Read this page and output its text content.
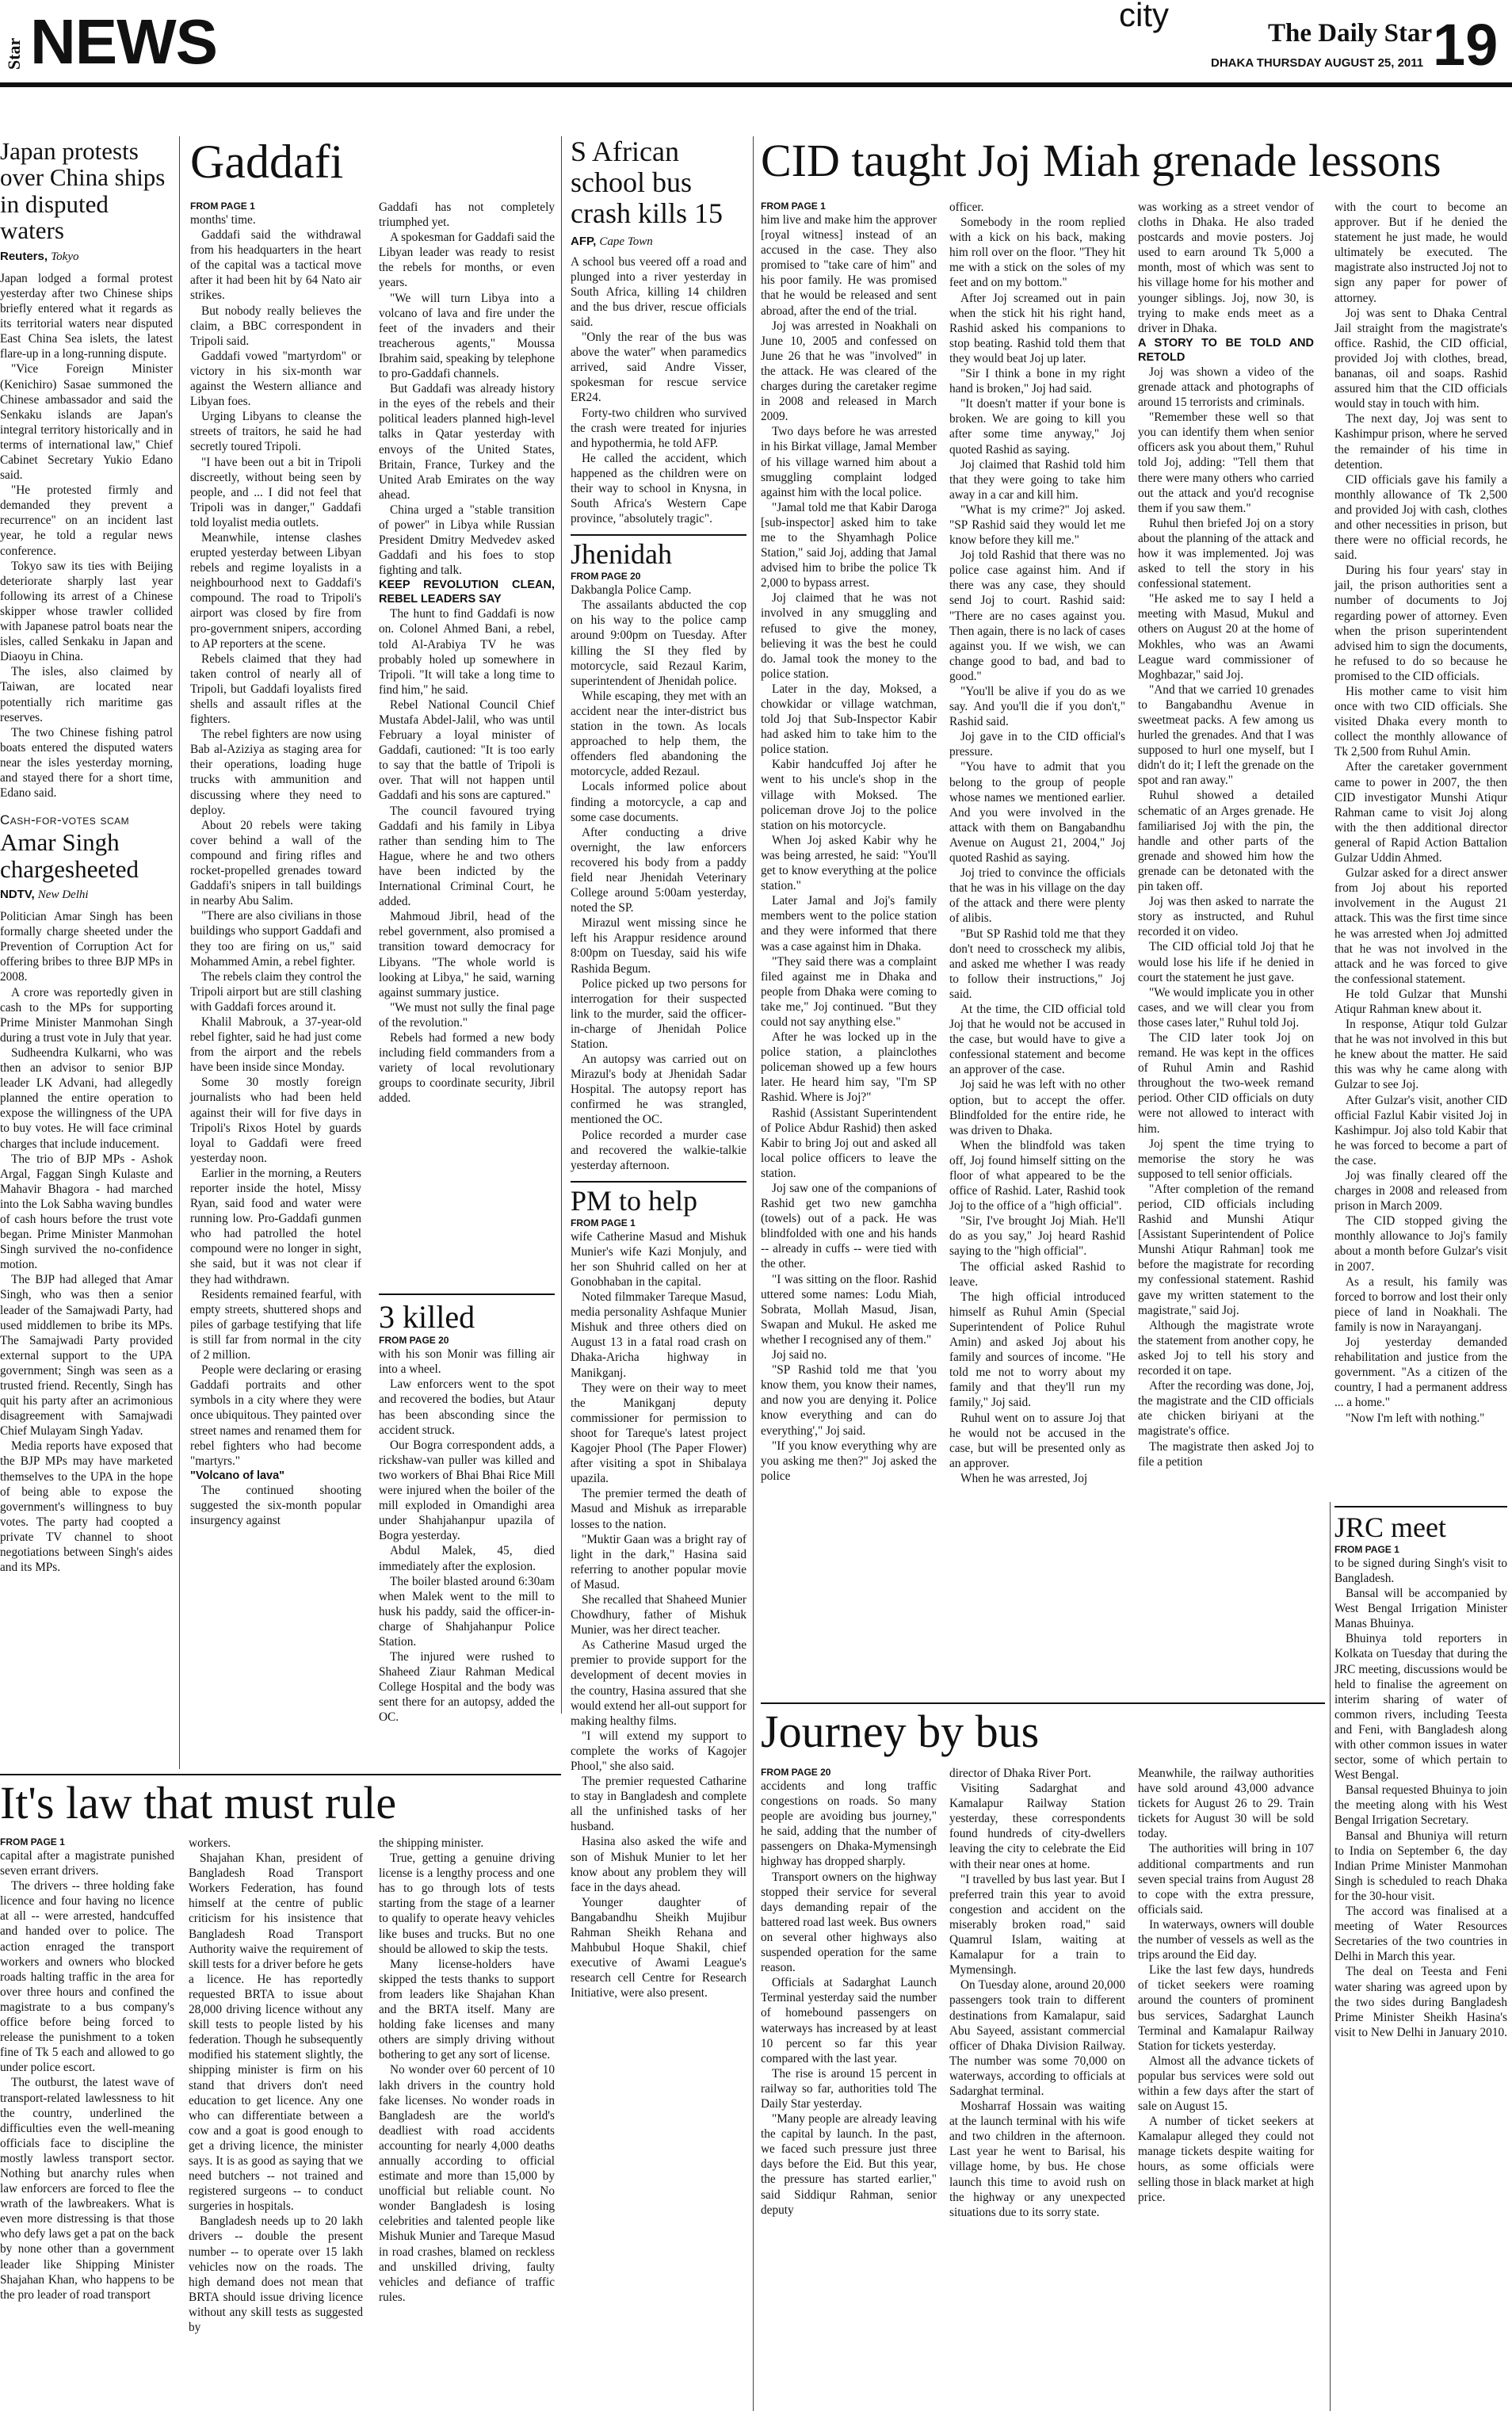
Star NEWS	city	The Daily Star
DHAKA THURSDAY AUGUST 25, 2011 19
Japan protests over China ships in disputed waters
Reuters, Tokyo

Japan lodged a formal protest yesterday after two Chinese ships briefly entered what it regards as its territorial waters near disputed East China Sea islets, the latest flare-up in a long-running dispute.

"Vice Foreign Minister (Kenichiro) Sasae summoned the Chinese ambassador and said the Senkaku islands are Japan's integral territory historically and in terms of international law," Chief Cabinet Secretary Yukio Edano said.

"He protested firmly and demanded they prevent a recurrence" on an incident last year, he told a regular news conference.

Tokyo saw its ties with Beijing deteriorate sharply last year following its arrest of a Chinese skipper whose trawler collided with Japanese patrol boats near the isles, called Senkaku in Japan and Diaoyu in China.

The isles, also claimed by Taiwan, are located near potentially rich maritime gas reserves.

The two Chinese fishing patrol boats entered the disputed waters near the isles yesterday morning, and stayed there for a short time, Edano said.

Cash-for-votes scam
Amar Singh chargesheeted
NDTV, New Delhi

Politician Amar Singh has been formally charge sheeted under the Prevention of Corruption Act for offering bribes to three BJP MPs in 2008.

A crore was reportedly given in cash to the MPs for supporting Prime Minister Manmohan Singh during a trust vote in July that year.

Sudheendra Kulkarni, who was then an advisor to senior BJP leader LK Advani, had allegedly planned the entire operation to expose the willingness of the UPA to buy votes. He will face criminal charges that include inducement.

The trio of BJP MPs - Ashok Argal, Faggan Singh Kulaste and Mahavir Bhagora - had marched into the Lok Sabha waving bundles of cash hours before the trust vote began. Prime Minister Manmohan Singh survived the no-confidence motion.

The BJP had alleged that Amar Singh, who was then a senior leader of the Samajwadi Party, had used middlemen to bribe its MPs. The Samajwadi Party provided external support to the UPA government; Singh was seen as a trusted friend. Recently, Singh has quit his party after an acrimonious disagreement with Samajwadi Chief Mulayam Singh Yadav.

Media reports have exposed that the BJP MPs may have marketed themselves to the UPA in the hope of being able to expose the government's willingness to buy votes. The party had coopted a private TV channel to shoot negotiations between Singh's aides and its MPs.

Gaddafi
FROM PAGE 1

months' time.

Gaddafi said the withdrawal from his headquarters in the heart of the capital was a tactical move after it had been hit by 64 Nato air strikes.

But nobody really believes the claim, a BBC correspondent in Tripoli said.

Gaddafi vowed "martyrdom" or victory in his six-month war against the Western alliance and Libyan foes.

Urging Libyans to cleanse the streets of traitors, he said he had secretly toured Tripoli.

"I have been out a bit in Tripoli discreetly, without being seen by people, and ... I did not feel that Tripoli was in danger," Gaddafi told loyalist media outlets.

Meanwhile, intense clashes erupted yesterday between Libyan rebels and regime loyalists in a neighbourhood next to Gaddafi's compound. The road to Tripoli's airport was closed by fire from pro-government snipers, according to AP reporters at the scene.

Rebels claimed that they had taken control of nearly all of Tripoli, but Gaddafi loyalists fired shells and assault rifles at the fighters.

The rebel fighters are now using Bab al-Aziziya as staging area for their operations, loading huge trucks with ammunition and discussing where they need to deploy.

About 20 rebels were taking cover behind a wall of the compound and firing rifles and rocket-propelled grenades toward Gaddafi's snipers in tall buildings in nearby Abu Salim.

"There are also civilians in those buildings who support Gaddafi and they too are firing on us," said Mohammed Amin, a rebel fighter.

The rebels claim they control the Tripoli airport but are still clashing with Gaddafi forces around it.

Khalil Mabrouk, a 37-year-old rebel fighter, said he had just come from the airport and the rebels have been inside since Monday.

Some 30 mostly foreign journalists who had been held against their will for five days in Tripoli's Rixos Hotel by guards loyal to Gaddafi were freed yesterday noon.

Earlier in the morning, a Reuters reporter inside the hotel, Missy Ryan, said food and water were running low. Pro-Gaddafi gunmen who had patrolled the hotel compound were no longer in sight, she said, but it was not clear if they had withdrawn.

Residents remained fearful, with empty streets, shuttered shops and piles of garbage testifying that life is still far from normal in the city of 2 million.

People were declaring or erasing Gaddafi portraits and other symbols in a city where they were once ubiquitous. They painted over street names and renamed them for rebel fighters who had become "martyrs."

"Volcano of lava"

The continued shooting suggested the six-month popular insurgency against

Gaddafi has not completely triumphed yet.

A spokesman for Gaddafi said the Libyan leader was ready to resist the rebels for months, or even years.

"We will turn Libya into a volcano of lava and fire under the feet of the invaders and their treacherous agents," Moussa Ibrahim said, speaking by telephone to pro-Gaddafi channels.

But Gaddafi was already history in the eyes of the rebels and their political leaders planned high-level talks in Qatar yesterday with envoys of the United States, Britain, France, Turkey and the United Arab Emirates on the way ahead.

China urged a "stable transition of power" in Libya while Russian President Dmitry Medvedev asked Gaddafi and his foes to stop fighting and talk.

KEEP REVOLUTION CLEAN, REBEL LEADERS SAY

The hunt to find Gaddafi is now on. Colonel Ahmed Bani, a rebel, told Al-Arabiya TV he was probably holed up somewhere in Tripoli. "It will take a long time to find him," he said.

Rebel National Council Chief Mustafa Abdel-Jalil, who was until February a loyal minister of Gaddafi, cautioned: "It is too early to say that the battle of Tripoli is over. That will not happen until Gaddafi and his sons are captured."

The council favoured trying Gaddafi and his family in Libya rather than sending him to The Hague, where he and two others have been indicted by the International Criminal Court, he added.

Mahmoud Jibril, head of the rebel government, also promised a transition toward democracy for Libyans. "The whole world is looking at Libya," he said, warning against summary justice.

"We must not sully the final page of the revolution."

Rebels had formed a new body including field commanders from a variety of local revolutionary groups to coordinate security, Jibril added.

3 killed
FROM PAGE 20

with his son Monir was filling air into a wheel.

Law enforcers went to the spot and recovered the bodies, but Ataur has been absconding since the accident struck.

Our Bogra correspondent adds, a rickshaw-van puller was killed and two workers of Bhai Bhai Rice Mill were injured when the boiler of the mill exploded in Omandighi area under Shahjahanpur upazila of Bogra yesterday.

Abdul Malek, 45, died immediately after the explosion.

The boiler blasted around 6:30am when Malek went to the mill to husk his paddy, said the officer-in-charge of Shahjahanpur Police Station.

The injured were rushed to Shaheed Ziaur Rahman Medical College Hospital and the body was sent there for an autopsy, added the OC.

S African school bus crash kills 15
AFP, Cape Town

A school bus veered off a road and plunged into a river yesterday in South Africa, killing 14 children and the bus driver, rescue officials said.

"Only the rear of the bus was above the water" when paramedics arrived, said Andre Visser, spokesman for rescue service ER24.

Forty-two children who survived the crash were treated for injuries and hypothermia, he told AFP.

He called the accident, which happened as the children were on their way to school in Knysna, in South Africa's Western Cape province, "absolutely tragic".

Jhenidah
FROM PAGE 20

Dakbangla Police Camp.

The assailants abducted the cop on his way to the police camp around 9:00pm on Tuesday. After killing the SI they fled by motorcycle, said Rezaul Karim, superintendent of Jhenidah police.

While escaping, they met with an accident near the inter-district bus station in the town. As locals approached to help them, the offenders fled abandoning the motorcycle, added Rezaul.

Locals informed police about finding a motorcycle, a cap and some case documents.

After conducting a drive overnight, the law enforcers recovered his body from a paddy field near Jhenidah Veterinary College around 5:00am yesterday, noted the SP.

Mirazul went missing since he left his Arappur residence around 8:00pm on Tuesday, said his wife Rashida Begum.

Police picked up two persons for interrogation for their suspected link to the murder, said the officer-in-charge of Jhenidah Police Station.

An autopsy was carried out on Mirazul's body at Jhenidah Sadar Hospital. The autopsy report has confirmed he was strangled, mentioned the OC.

Police recorded a murder case and recovered the walkie-talkie yesterday afternoon.

PM to help
FROM PAGE 1

wife Catherine Masud and Mishuk Munier's wife Kazi Monjuly, and her son Shuhrid called on her at Gonobhaban in the capital.

Noted filmmaker Tareque Masud, media personality Ashfaque Munier Mishuk and three others died on August 13 in a fatal road crash on Dhaka-Aricha highway in Manikganj.

They were on their way to meet the Manikganj deputy commissioner for permission to shoot for Tareque's latest project Kagojer Phool (The Paper Flower) after visiting a spot in Shibalaya upazila.

The premier termed the death of Masud and Mishuk as irreparable losses to the nation.

"Muktir Gaan was a bright ray of light in the dark," Hasina said referring to another popular movie of Masud.

She recalled that Shaheed Munier Chowdhury, father of Mishuk Munier, was her direct teacher.

As Catherine Masud urged the premier to provide support for the development of decent movies in the country, Hasina assured that she would extend her all-out support for making healthy films.

"I will extend my support to complete the works of Kagojer Phool," she also said.

The premier requested Catharine to stay in Bangladesh and complete all the unfinished tasks of her husband.

Hasina also asked the wife and son of Mishuk Munier to let her know about any problem they will face in the days ahead.

Younger daughter of Bangabandhu Sheikh Mujibur Rahman Sheikh Rehana and Mahbubul Hoque Shakil, chief executive of Awami League's research cell Centre for Research Initiative, were also present.

CID taught Joj Miah grenade lessons
FROM PAGE 1

him live and make him the approver [royal witness] instead of an accused in the case. They also promised to "take care of him" and his poor family. He was promised that he would be released and sent abroad, after the end of the trial.

Joj was arrested in Noakhali on June 10, 2005 and confessed on June 26 that he was "involved" in the attack. He was cleared of the charges during the caretaker regime in 2008 and released in March 2009.

Two days before he was arrested in his Birkat village, Jamal Member of his village warned him about a smuggling complaint lodged against him with the local police.

"Jamal told me that Kabir Daroga [sub-inspector] asked him to take me to the Shyamhagh Police Station," said Joj, adding that Jamal advised him to bribe the police Tk 2,000 to bypass arrest.

Joj claimed that he was not involved in any smuggling and refused to give the money, believing it was the best he could do. Jamal took the money to the police station.

Later in the day, Moksed, a chowkidar or village watchman, told Joj that Sub-Inspector Kabir had asked him to take him to the police station.

Kabir handcuffed Joj after he went to his uncle's shop in the village with Moksed. The policeman drove Joj to the police station on his motorcycle.

When Joj asked Kabir why he was being arrested, he said: "You'll get to know everything at the police station."

Later Jamal and Joj's family members went to the police station and they were informed that there was a case against him in Dhaka.

"They said there was a complaint filed against me in Dhaka and people from Dhaka were coming to take me," Joj continued. "But they could not say anything else."

After he was locked up in the police station, a plainclothes policeman showed up a few hours later. He heard him say, "I'm SP Rashid. Where is Joj?"

Rashid (Assistant Superintendent of Police Abdur Rashid) then asked Kabir to bring Joj out and asked all local police officers to leave the station.

Joj saw one of the companions of Rashid get two new gamchha (towels) out of a pack. He was blindfolded with one and his hands -- already in cuffs -- were tied with the other.

"I was sitting on the floor. Rashid uttered some names: Lodu Miah, Sobrata, Mollah Masud, Jisan, Swapan and Mukul. He asked me whether I recognised any of them."

Joj said no.

"SP Rashid told me that 'you know them, you know their names, and now you are denying it. Police know everything and can do everything'," Joj said.

"If you know everything why are you asking me then?" Joj asked the police

officer.

Somebody in the room replied with a kick on his back, making him roll over on the floor. "They hit me with a stick on the soles of my feet and on my bottom."

After Joj screamed out in pain when the stick hit his right hand, Rashid asked his companions to stop beating. Rashid told them that they would beat Joj up later.

"Sir I think a bone in my right hand is broken," Joj had said.

"It doesn't matter if your bone is broken. We are going to kill you after some time anyway," Joj quoted Rashid as saying.

Joj claimed that Rashid told him that they were going to take him away in a car and kill him.

"What is my crime?" Joj asked. "SP Rashid said they would let me know before they kill me."

Joj told Rashid that there was no police case against him. And if there was any case, they should send Joj to court. Rashid said: "There are no cases against you. Then again, there is no lack of cases against you. If we wish, we can change good to bad, and bad to good."

"You'll be alive if you do as we say. And you'll die if you don't," Rashid said.

Joj gave in to the CID official's pressure.

"You have to admit that you belong to the group of people whose names we mentioned earlier. And you were involved in the attack with them on Bangabandhu Avenue on August 21, 2004," Joj quoted Rashid as saying.

Joj tried to convince the officials that he was in his village on the day of the attack and there were plenty of alibis.

"But SP Rashid told me that they don't need to crosscheck my alibis, and asked me whether I was ready to follow their instructions," Joj said.

At the time, the CID official told Joj that he would not be accused in the case, but would have to give a confessional statement and become an approver of the case.

Joj said he was left with no other option, but to accept the offer. Blindfolded for the entire ride, he was driven to Dhaka.

When the blindfold was taken off, Joj found himself sitting on the floor of what appeared to be the office of Rashid. Later, Rashid took Joj to the office of a "high official".

"Sir, I've brought Joj Miah. He'll do as you say," Joj heard Rashid saying to the "high official".

The official asked Rashid to leave.

The high official introduced himself as Ruhul Amin (Special Superintendent of Police Ruhul Amin) and asked Joj about his family and sources of income. "He told me not to worry about my family and that they'll run my family," Joj said.

Ruhul went on to assure Joj that he would not be accused in the case, but will be presented only as an approver.

When he was arrested, Joj

was working as a street vendor of cloths in Dhaka. He also traded postcards and movie posters. Joj used to earn around Tk 5,000 a month, most of which was sent to his village home for his mother and younger siblings. Joj, now 30, is trying to make ends meet as a driver in Dhaka.

A STORY TO BE TOLD AND RETOLD

Joj was shown a video of the grenade attack and photographs of around 15 terrorists and criminals.

"Remember these well so that you can identify them when senior officers ask you about them," Ruhul told Joj, adding: "Tell them that there were many others who carried out the attack and you'd recognise them if you saw them."

Ruhul then briefed Joj on a story about the planning of the attack and how it was implemented. Joj was asked to tell the story in his confessional statement.

"He asked me to say I held a meeting with Masud, Mukul and others on August 20 at the home of Mokhles, who was an Awami League ward commissioner of Moghbazar," said Joj.

"And that we carried 10 grenades to Bangabandhu Avenue in sweetmeat packs. A few among us hurled the grenades. And that I was supposed to hurl one myself, but I didn't do it; I left the grenade on the spot and ran away."

Ruhul showed a detailed schematic of an Arges grenade. He familiarised Joj with the pin, the handle and other parts of the grenade and showed him how the grenade can be detonated with the pin taken off.

Joj was then asked to narrate the story as instructed, and Ruhul recorded it on video.

The CID official told Joj that he would lose his life if he denied in court the statement he just gave.

"We would implicate you in other cases, and we will clear you from those cases later," Ruhul told Joj.

The CID later took Joj on remand. He was kept in the offices of Ruhul Amin and Rashid throughout the two-week remand period. Other CID officials on duty were not allowed to interact with him.

Joj spent the time trying to memorise the story he was supposed to tell senior officials.

"After completion of the remand period, CID officials including Rashid and Munshi Atiqur [Assistant Superintendent of Police Munshi Atiqur Rahman] took me before the magistrate for recording my confessional statement. Rashid gave my written statement to the magistrate," said Joj.

Although the magistrate wrote the statement from another copy, he asked Joj to tell his story and recorded it on tape.

After the recording was done, Joj, the magistrate and the CID officials ate chicken biriyani at the magistrate's office.

The magistrate then asked Joj to file a petition

with the court to become an approver. But if he denied the statement he just made, he would ultimately be executed. The magistrate also instructed Joj not to sign any paper for power of attorney.

Joj was sent to Dhaka Central Jail straight from the magistrate's office. Rashid, the CID official, provided Joj with clothes, bread, bananas, oil and soaps. Rashid assured him that the CID officials would stay in touch with him.

The next day, Joj was sent to Kashimpur prison, where he served the remainder of his time in detention.

CID officials gave his family a monthly allowance of Tk 2,500 and provided Joj with cash, clothes and other necessities in prison, but there were no official records, he said.

During his four years' stay in jail, the prison authorities sent a number of documents to Joj regarding power of attorney. Even when the prison superintendent advised him to sign the documents, he refused to do so because he promised to the CID officials.

His mother came to visit him once with two CID officials. She visited Dhaka every month to collect the monthly allowance of Tk 2,500 from Ruhul Amin.

After the caretaker government came to power in 2007, the then CID investigator Munshi Atiqur Rahman came to visit Joj along with the then additional director general of Rapid Action Battalion Gulzar Uddin Ahmed.

Gulzar asked for a direct answer from Joj about his reported involvement in the August 21 attack. This was the first time since he was arrested when Joj admitted that he was not involved in the attack and he was forced to give the confessional statement.

He told Gulzar that Munshi Atiqur Rahman knew about it.

In response, Atiqur told Gulzar that he was not involved in this but he knew about the matter. He said this was why he came along with Gulzar to see Joj.

After Gulzar's visit, another CID official Fazlul Kabir visited Joj in Kashimpur. Joj also told Kabir that he was forced to become a part of the case.

Joj was finally cleared off the charges in 2008 and released from prison in March 2009.

The CID stopped giving the monthly allowance to Joj's family about a month before Gulzar's visit in 2007.

As a result, his family was forced to borrow and lost their only piece of land in Noakhali. The family is now in Narayanganj.

Joj yesterday demanded rehabilitation and justice from the government. "As a citizen of the country, I had a permanent address ... a home."

"Now I'm left with nothing."

JRC meet
FROM PAGE 1

to be signed during Singh's visit to Bangladesh.

Bansal will be accompanied by West Bengal Irrigation Minister Manas Bhuinya.

Bhuinya told reporters in Kolkata on Tuesday that during the JRC meeting, discussions would be held to finalise the agreement on interim sharing of water of common rivers, including Teesta and Feni, with Bangladesh along with other common issues in water sector, some of which pertain to West Bengal.

Bansal requested Bhuinya to join the meeting along with his West Bengal Irrigation Secretary.

Bansal and Bhuniya will return to India on September 6, the day Indian Prime Minister Manmohan Singh is scheduled to reach Dhaka for the 30-hour visit.

The accord was finalised at a meeting of Water Resources Secretaries of the two countries in Delhi in March this year.

The deal on Teesta and Feni water sharing was agreed upon by the two sides during Bangladesh Prime Minister Sheikh Hasina's visit to New Delhi in January 2010.

It's law that must rule
FROM PAGE 1

capital after a magistrate punished seven errant drivers.

The drivers -- three holding fake licence and four having no licence at all -- were arrested, handcuffed and handed over to police. The action enraged the transport workers and owners who blocked roads halting traffic in the area for over three hours and confined the magistrate to a bus company's office before being forced to release the punishment to a token fine of Tk 5 each and allowed to go under police escort.

The outburst, the latest wave of transport-related lawlessness to hit the country, underlined the difficulties even the well-meaning officials face to discipline the mostly lawless transport sector. Nothing but anarchy rules when law enforcers are forced to flee the wrath of the lawbreakers. What is even more distressing is that those who defy laws get a pat on the back by none other than a government leader like Shipping Minister Shajahan Khan, who happens to be the pro leader of road transport

workers.

Shajahan Khan, president of Bangladesh Road Transport Workers Federation, has found himself at the centre of public criticism for his insistence that Bangladesh Road Transport Authority waive the requirement of skill tests for a driver before he gets a licence. He has reportedly requested BRTA to issue about 28,000 driving licence without any skill tests to people listed by his federation. Though he subsequently modified his statement slightly, the shipping minister is firm on his stand that drivers don't need education to get licence. Any one who can differentiate between a cow and a goat is good enough to get a driving licence, the minister says. It is as good as saying that we need butchers -- not trained and registered surgeons -- to conduct surgeries in hospitals.

Bangladesh needs up to 20 lakh drivers -- double the present number -- to operate over 15 lakh vehicles now on the roads. The high demand does not mean that BRTA should issue driving licence without any skill tests as suggested by

the shipping minister.

True, getting a genuine driving license is a lengthy process and one has to go through lots of tests starting from the stage of a learner to qualify to operate heavy vehicles like buses and trucks. But no one should be allowed to skip the tests.

Many license-holders have skipped the tests thanks to support from leaders like Shajahan Khan and the BRTA itself. Many are holding fake licenses and many others are simply driving without bothering to get any sort of license.

No wonder over 60 percent of 10 lakh drivers in the country hold fake licenses. No wonder roads in Bangladesh are the world's deadliest with road accidents accounting for nearly 4,000 deaths annually according to official estimate and more than 15,000 by unofficial but reliable count. No wonder Bangladesh is losing celebrities and talented people like Mishuk Munier and Tareque Masud in road crashes, blamed on reckless and unskilled driving, faulty vehicles and defiance of traffic rules.

Journey by bus
FROM PAGE 20

accidents and long traffic congestions on roads. So many people are avoiding bus journey," he said, adding that the number of passengers on Dhaka-Mymensingh highway has dropped sharply.

Transport owners on the highway stopped their service for several days demanding repair of the battered road last week. Bus owners on several other highways also suspended operation for the same reason.

Officials at Sadarghat Launch Terminal yesterday said the number of homebound passengers on waterways has increased by at least 10 percent so far this year compared with the last year.

The rise is around 15 percent in railway so far, authorities told The Daily Star yesterday.

"Many people are already leaving the capital by launch. In the past, we faced such pressure just three days before the Eid. But this year, the pressure has started earlier," said Siddiqur Rahman, senior deputy

director of Dhaka River Port.

Visiting Sadarghat and Kamalapur Railway Station yesterday, these correspondents found hundreds of city-dwellers leaving the city to celebrate the Eid with their near ones at home.

"I travelled by bus last year. But I preferred train this year to avoid congestion and accident on the miserably broken road," said Quamrul Islam, waiting at Kamalapur for a train to Mymensingh.

On Tuesday alone, around 20,000 passengers took train to different destinations from Kamalapur, said Abu Sayeed, assistant commercial officer of Dhaka Division Railway. The number was some 70,000 on waterways, according to officials at Sadarghat terminal.

Mosharraf Hossain was waiting at the launch terminal with his wife and two children in the afternoon. Last year he went to Barisal, his village home, by bus. He chose launch this time to avoid rush on the highway or any unexpected situations due to its sorry state.

Meanwhile, the railway authorities have sold around 43,000 advance tickets for August 26 to 29. Train tickets for August 30 will be sold today.

The authorities will bring in 107 additional compartments and run seven special trains from August 28 to cope with the extra pressure, officials said.

In waterways, owners will double the number of vessels as well as the trips around the Eid day.

Like the last few days, hundreds of ticket seekers were roaming around the counters of prominent bus services, Sadarghat Launch Terminal and Kamalapur Railway Station for tickets yesterday.

Almost all the advance tickets of popular bus services were sold out within a few days after the start of sale on August 15.

A number of ticket seekers at Kamalapur alleged they could not manage tickets despite waiting for hours, as some officials were selling those in black market at high price.
